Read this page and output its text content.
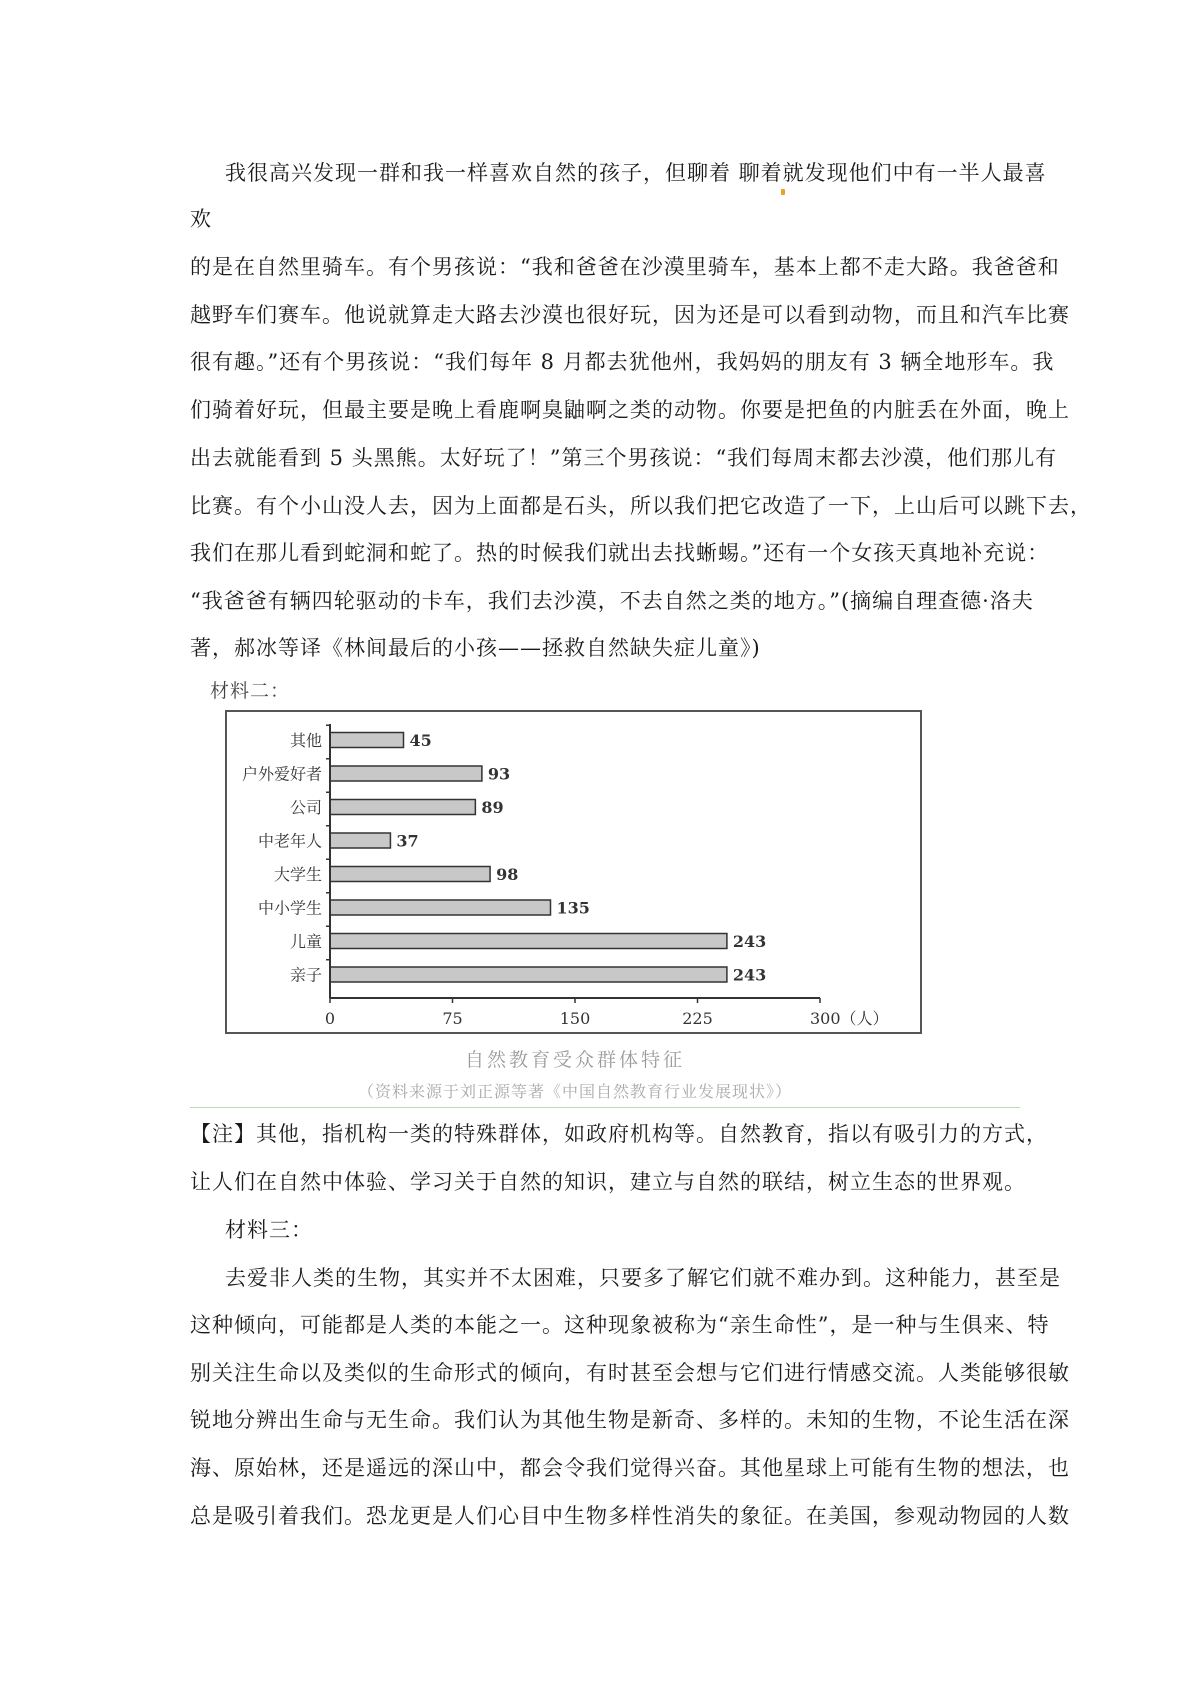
我很高兴发现一群和我一样喜欢自然的孩子，但聊着 聊着就发现他们中有一半人最喜
欢
的是在自然里骑车。有个男孩说：“我和爸爸在沙漠里骑车，基本上都不走大路。我爸爸和
越野车们赛车。他说就算走大路去沙漠也很好玩，因为还是可以看到动物，而且和汽车比赛
很有趣。”还有个男孩说：“我们每年 8 月都去犹他州，我妈妈的朋友有 3 辆全地形车。我
们骑着好玩，但最主要是晚上看鹿啊臭鼬啊之类的动物。你要是把鱼的内脏丢在外面，晚上
出去就能看到 5 头黑熊。太好玩了！”第三个男孩说：“我们每周末都去沙漠，他们那儿有
比赛。有个小山没人去，因为上面都是石头，所以我们把它改造了一下，上山后可以跳下去，
我们在那儿看到蛇洞和蛇了。热的时候我们就出去找蜥蜴。”还有一个女孩天真地补充说：
“我爸爸有辆四轮驱动的卡车，我们去沙漠，不去自然之类的地方。”(摘编自理查德·洛夫
著，郝冰等译《林间最后的小孩——拯救自然缺失症儿童》)
材料二：
其他	45
户外爱好者	93
公司	89
中老年人	37
大学生	98
中小学生	135
儿童	243
亲子	243
0	75	150	225	300（人）
自然教育受众群体特征
（资料来源于刘正源等著《中国自然教育行业发展现状》）
【注】其他，指机构一类的特殊群体，如政府机构等。自然教育，指以有吸引力的方式，
让人们在自然中体验、学习关于自然的知识，建立与自然的联结，树立生态的世界观。
材料三：
去爱非人类的生物，其实并不太困难，只要多了解它们就不难办到。这种能力，甚至是
这种倾向，可能都是人类的本能之一。这种现象被称为“亲生命性”，是一种与生俱来、特
别关注生命以及类似的生命形式的倾向，有时甚至会想与它们进行情感交流。人类能够很敏
锐地分辨出生命与无生命。我们认为其他生物是新奇、多样的。未知的生物，不论生活在深
海、原始林，还是遥远的深山中，都会令我们觉得兴奋。其他星球上可能有生物的想法，也
总是吸引着我们。恐龙更是人们心目中生物多样性消失的象征。在美国，参观动物园的人数
